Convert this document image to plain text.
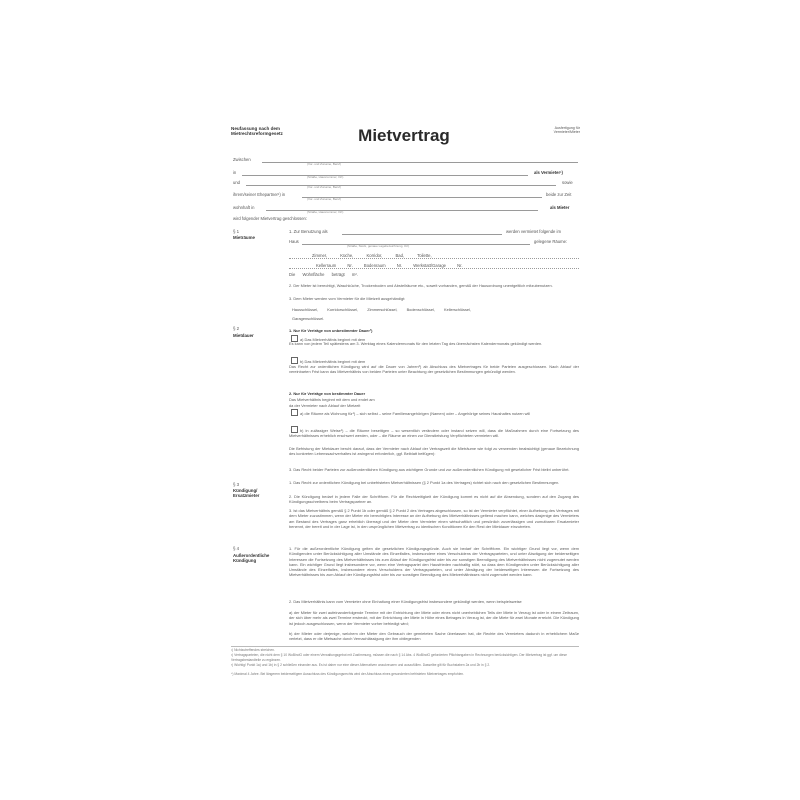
Neufassung nach dem
Mietrechtsreformgesetz	Mietvertrag	Ausfertigung für
Vermieter/Mieter
Zwischen
(Vor- und Zuname, Beruf)
in
(Straße, Hausnummer, Ort)
als Vermieter¹)
und
(Vor- und Zuname, Beruf)
sowie
ihrem/seiner Ehepartner¹) in
(Vor- und Zuname, Beruf)
beide zur Zeit
wohnhaft in
(Straße, Hausnummer, Ort)
als Mieter
wird folgender Mietvertrag geschlossen:
§ 1
Mieträume
1. Zur Benutzung als	werden vermietet folgende im
Haus
(Straße, Stock, genaue Lagebezeichnung, Ort)
gelegene Räume:
Zimmer, Küche, Korridor, Bad, Toilette,
Kellerraum Nr. Bodenraum Nr. Werkstatt/Garage Nr.
Die Wohnfläche beträgt m².
2. Der Mieter ist berechtigt, Waschküche, Trockenboden und Abstellräume etc., soweit vorhanden, gemäß der Hausordnung unentgeltlich mitzubenutzen.
3. Dem Mieter werden vom Vermieter für die Mietzeit ausgehändigt:
Hausschlüssel, Korridorschlüssel, Zimmerschlüssel, Bodenschlüssel, Kellerschlüssel,
Garagenschlüssel.
§ 2
Mietdauer
1. Nur für Verträge von unbestimmter Dauer²)
a) Das Mietverhältnis beginnt mit dem
Es kann von jedem Teil spätestens am 3. Werktag eines Kalendermonats für den letzten Tag des übernächsten Kalendermonats gekündigt werden.
b) Das Mietverhältnis beginnt mit dem
Das Recht zur ordentlichen Kündigung wird auf die Dauer von Jahren³) ab Abschluss des Mietvertrages für beide Parteien ausgeschlossen. Nach Ablauf der vereinbarten Frist kann das Mietverhältnis von beiden Parteien unter Beachtung der gesetzlichen Bestimmungen gekündigt werden.
2. Nur für Verträge von bestimmter Dauer
Das Mietverhältnis beginnt mit dem und endet am
da der Vermieter nach Ablauf der Mietzeit
a) die Räume als Wohnung für¹) – sich selbst – seine Familienangehörigen (Namen) oder – Angehörige seines Haushaltes nutzen will
b) in zulässiger Weise¹) – die Räume beseitigen – so wesentlich verändern oder instand setzen will, dass die Maßnahmen durch eine Fortsetzung des Mietverhältnisses erheblich erschwert werden, oder – die Räume an einen zur Dienstleistung Verpflichteten vermieten will.
Die Befristung der Mietdauer beruht darauf, dass der Vermieter nach Ablauf der Vertragszeit die Mieträume wie folgt zu verwenden beabsichtigt (genaue Bezeichnung des konkreten Lebenssachverhaltes ist zwingend erforderlich, ggf. Beiblatt beifügen):
3. Das Recht beider Parteien zur außerordentlichen Kündigung aus wichtigem Grunde und zur außerordentlichen Kündigung mit gesetzlicher Frist bleibt unberührt.
§ 3
Kündigung/
Ersatzmieter
1. Das Recht zur ordentlichen Kündigung bei unbefristeten Mietverhältnissen (§ 2 Punkt 1a des Vertrages) richtet sich nach den gesetzlichen Bestimmungen.
2. Die Kündigung bedarf in jedem Falle der Schriftform. Für die Rechtzeitigkeit der Kündigung kommt es nicht auf die Absendung, sondern auf den Zugang des Kündigungsschreibens beim Vertragspartner an.
3. Ist das Mietverhältnis gemäß § 2 Punkt 1b oder gemäß § 2 Punkt 2 des Vertrages abgeschlossen, so ist der Vermieter verpflichtet, einer Aufhebung des Vertrages mit dem Mieter zuzustimmen, wenn der Mieter ein berechtigtes Interesse an der Aufhebung des Mietverhältnisses geltend machen kann, welches dasjenige des Vermieters am Bestand des Vertrages ganz erheblich überragt und der Mieter dem Vermieter einen wirtschaftlich und persönlich zuverlässigen und zumutbaren Ersatzmieter benennt, der bereit und in der Lage ist, in den ursprünglichen Mietvertrag zu identischen Konditionen für den Rest der Mietdauer einzutreten.
§ 4
Außerordentliche
Kündigung
1. Für die außerordentliche Kündigung gelten die gesetzlichen Kündigungsgründe. Auch sie bedarf der Schriftform. Ein wichtiger Grund liegt vor, wenn dem Kündigenden unter Berücksichtigung aller Umstände des Einzelfalles, insbesondere eines Verschuldens der Vertragsparteien, und unter Abwägung der beiderseitigen Interessen die Fortsetzung des Mietverhältnisses bis zum Ablauf der Kündigungsfrist oder bis zur sonstigen Beendigung des Mietverhältnisses nicht zugemutet werden kann. Ein wichtiger Grund liegt insbesondere vor, wenn eine Vertragspartei den Hausfrieden nachhaltig stört, so dass dem Kündigenden unter Berücksichtigung aller Umstände des Einzelfalles, insbesondere eines Verschuldens der Vertragsparteien, und unter Abwägung der beiderseitigen Interessen die Fortsetzung des Mietverhältnisses bis zum Ablauf der Kündigungsfrist oder bis zur sonstigen Beendigung des Mietverhältnisses nicht zugemutet werden kann.
2. Das Mietverhältnis kann vom Vermieter ohne Einhaltung einer Kündigungsfrist insbesondere gekündigt werden, wenn beispielsweise
a) der Mieter für zwei aufeinanderfolgende Termine mit der Entrichtung der Miete oder eines nicht unerheblichen Teils der Miete in Verzug ist oder in einem Zeitraum, der sich über mehr als zwei Termine erstreckt, mit der Entrichtung der Miete in Höhe eines Betrages in Verzug ist, der die Miete für zwei Monate erreicht. Die Kündigung ist jedoch ausgeschlossen, wenn der Vermieter vorher befriedigt wird;
b) der Mieter oder derjenige, welchem der Mieter den Gebrauch der gemieteten Sache überlassen hat, die Rechte des Vermieters dadurch in erheblichem Maße verletzt, dass er die Mietsache durch Vernachlässigung der ihm obliegenden
¹) Nichtzutreffendes streichen.
²) Vertragsparteien, die nicht dem § 10 WoBindG oder einem Verwaltungsgebot mit Zustimmung, müssen die nach § 14 Abs. 4 WoBindG geforderten Pflichtangaben in Rechnungen berücksichtigen. Der Mietvertrag ist ggf. um diese Vertragsbestandteile zu ergänzen.
³) Wichtig! Punkt 1a) und 1b) in § 2 schließen einander aus. Es ist daher nur eine dieser Alternativen anzukreuzen und auszufüllen. Dasselbe gilt für Buchstaben 2a und 2b in § 2.
⁴) Maximal 4 Jahre. Bei längerem beiderseitigem Ausschluss des Kündigungsrechts wird der Abschluss eines gesonderten befristeten Mietvertrages empfohlen.
